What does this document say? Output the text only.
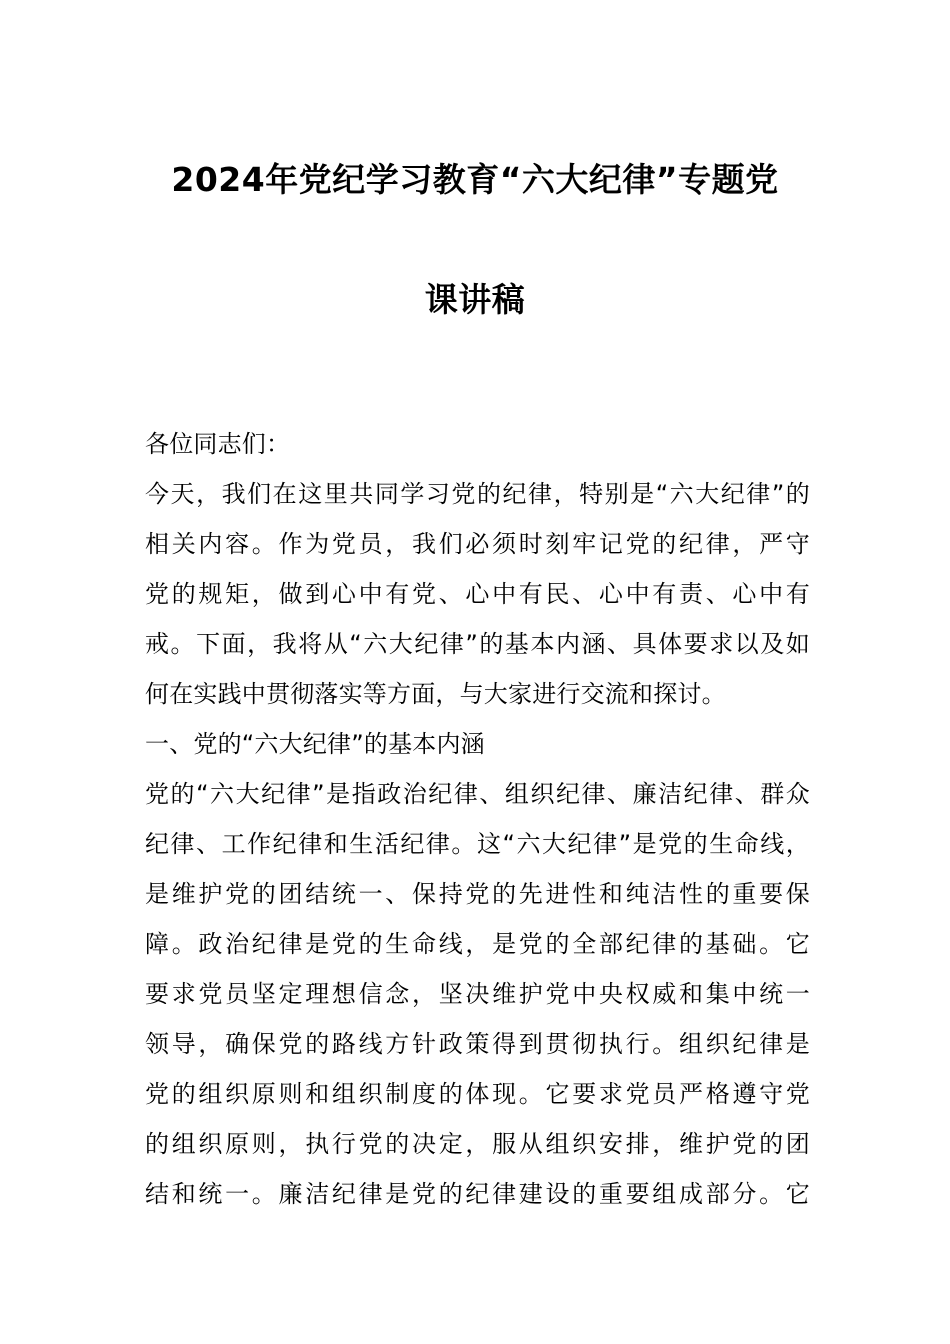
2024年党纪学习教育“六大纪律”专题党
课讲稿
各位同志们：
今天，我们在这里共同学习党的纪律，特别是“六大纪律”的
相关内容。作为党员，我们必须时刻牢记党的纪律，严守
党的规矩，做到心中有党、心中有民、心中有责、心中有
戒。下面，我将从“六大纪律”的基本内涵、具体要求以及如
何在实践中贯彻落实等方面，与大家进行交流和探讨。
一、党的“六大纪律”的基本内涵
党的“六大纪律”是指政治纪律、组织纪律、廉洁纪律、群众
纪律、工作纪律和生活纪律。这“六大纪律”是党的生命线，
是维护党的团结统一、保持党的先进性和纯洁性的重要保
障。政治纪律是党的生命线，是党的全部纪律的基础。它
要求党员坚定理想信念，坚决维护党中央权威和集中统一
领导，确保党的路线方针政策得到贯彻执行。组织纪律是
党的组织原则和组织制度的体现。它要求党员严格遵守党
的组织原则，执行党的决定，服从组织安排，维护党的团
结和统一。廉洁纪律是党的纪律建设的重要组成部分。它
